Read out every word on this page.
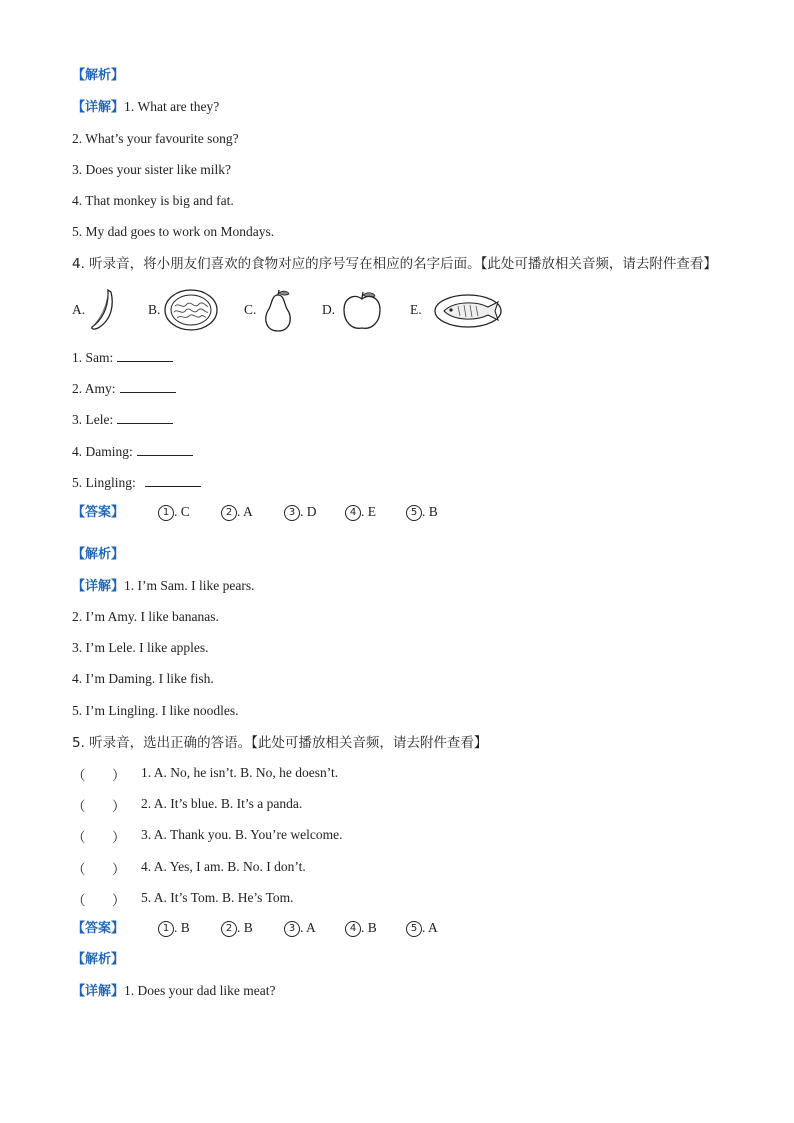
【解析】
【详解】1. What are they?
2. What’s your favourite song?
3. Does your sister like milk?
4. That monkey is big and fat.
5. My dad goes to work on Mondays.
4. 听录音，将小朋友们喜欢的食物对应的序号写在相应的名字后面。【此处可播放相关音频，请去附件查看】
A.	B.	C.	D.	E.
1. Sam:
2. Amy:
3. Lele:
4. Daming:
5. Lingling:
【答案】	1 . C	2 . A	3 . D	4 . E	5 . B
【解析】
【详解】1. I’m Sam. I like pears.
2. I’m Amy. I like bananas.
3. I’m Lele. I like apples.
4. I’m Daming. I like fish.
5. I’m Lingling. I like noodles.
5. 听录音，选出正确的答语。【此处可播放相关音频，请去附件查看】
（ ） 1. A. No, he isn’t. B. No, he doesn’t.
（ ） 2. A. It’s blue. B. It’s a panda.
（ ） 3. A. Thank you. B. You’re welcome.
（ ） 4. A. Yes, I am. B. No. I don’t.
（ ） 5. A. It’s Tom. B. He’s Tom.
【答案】	1 . B	2 . B	3 . A	4 . B	5 . A
【解析】
【详解】1. Does your dad like meat?
